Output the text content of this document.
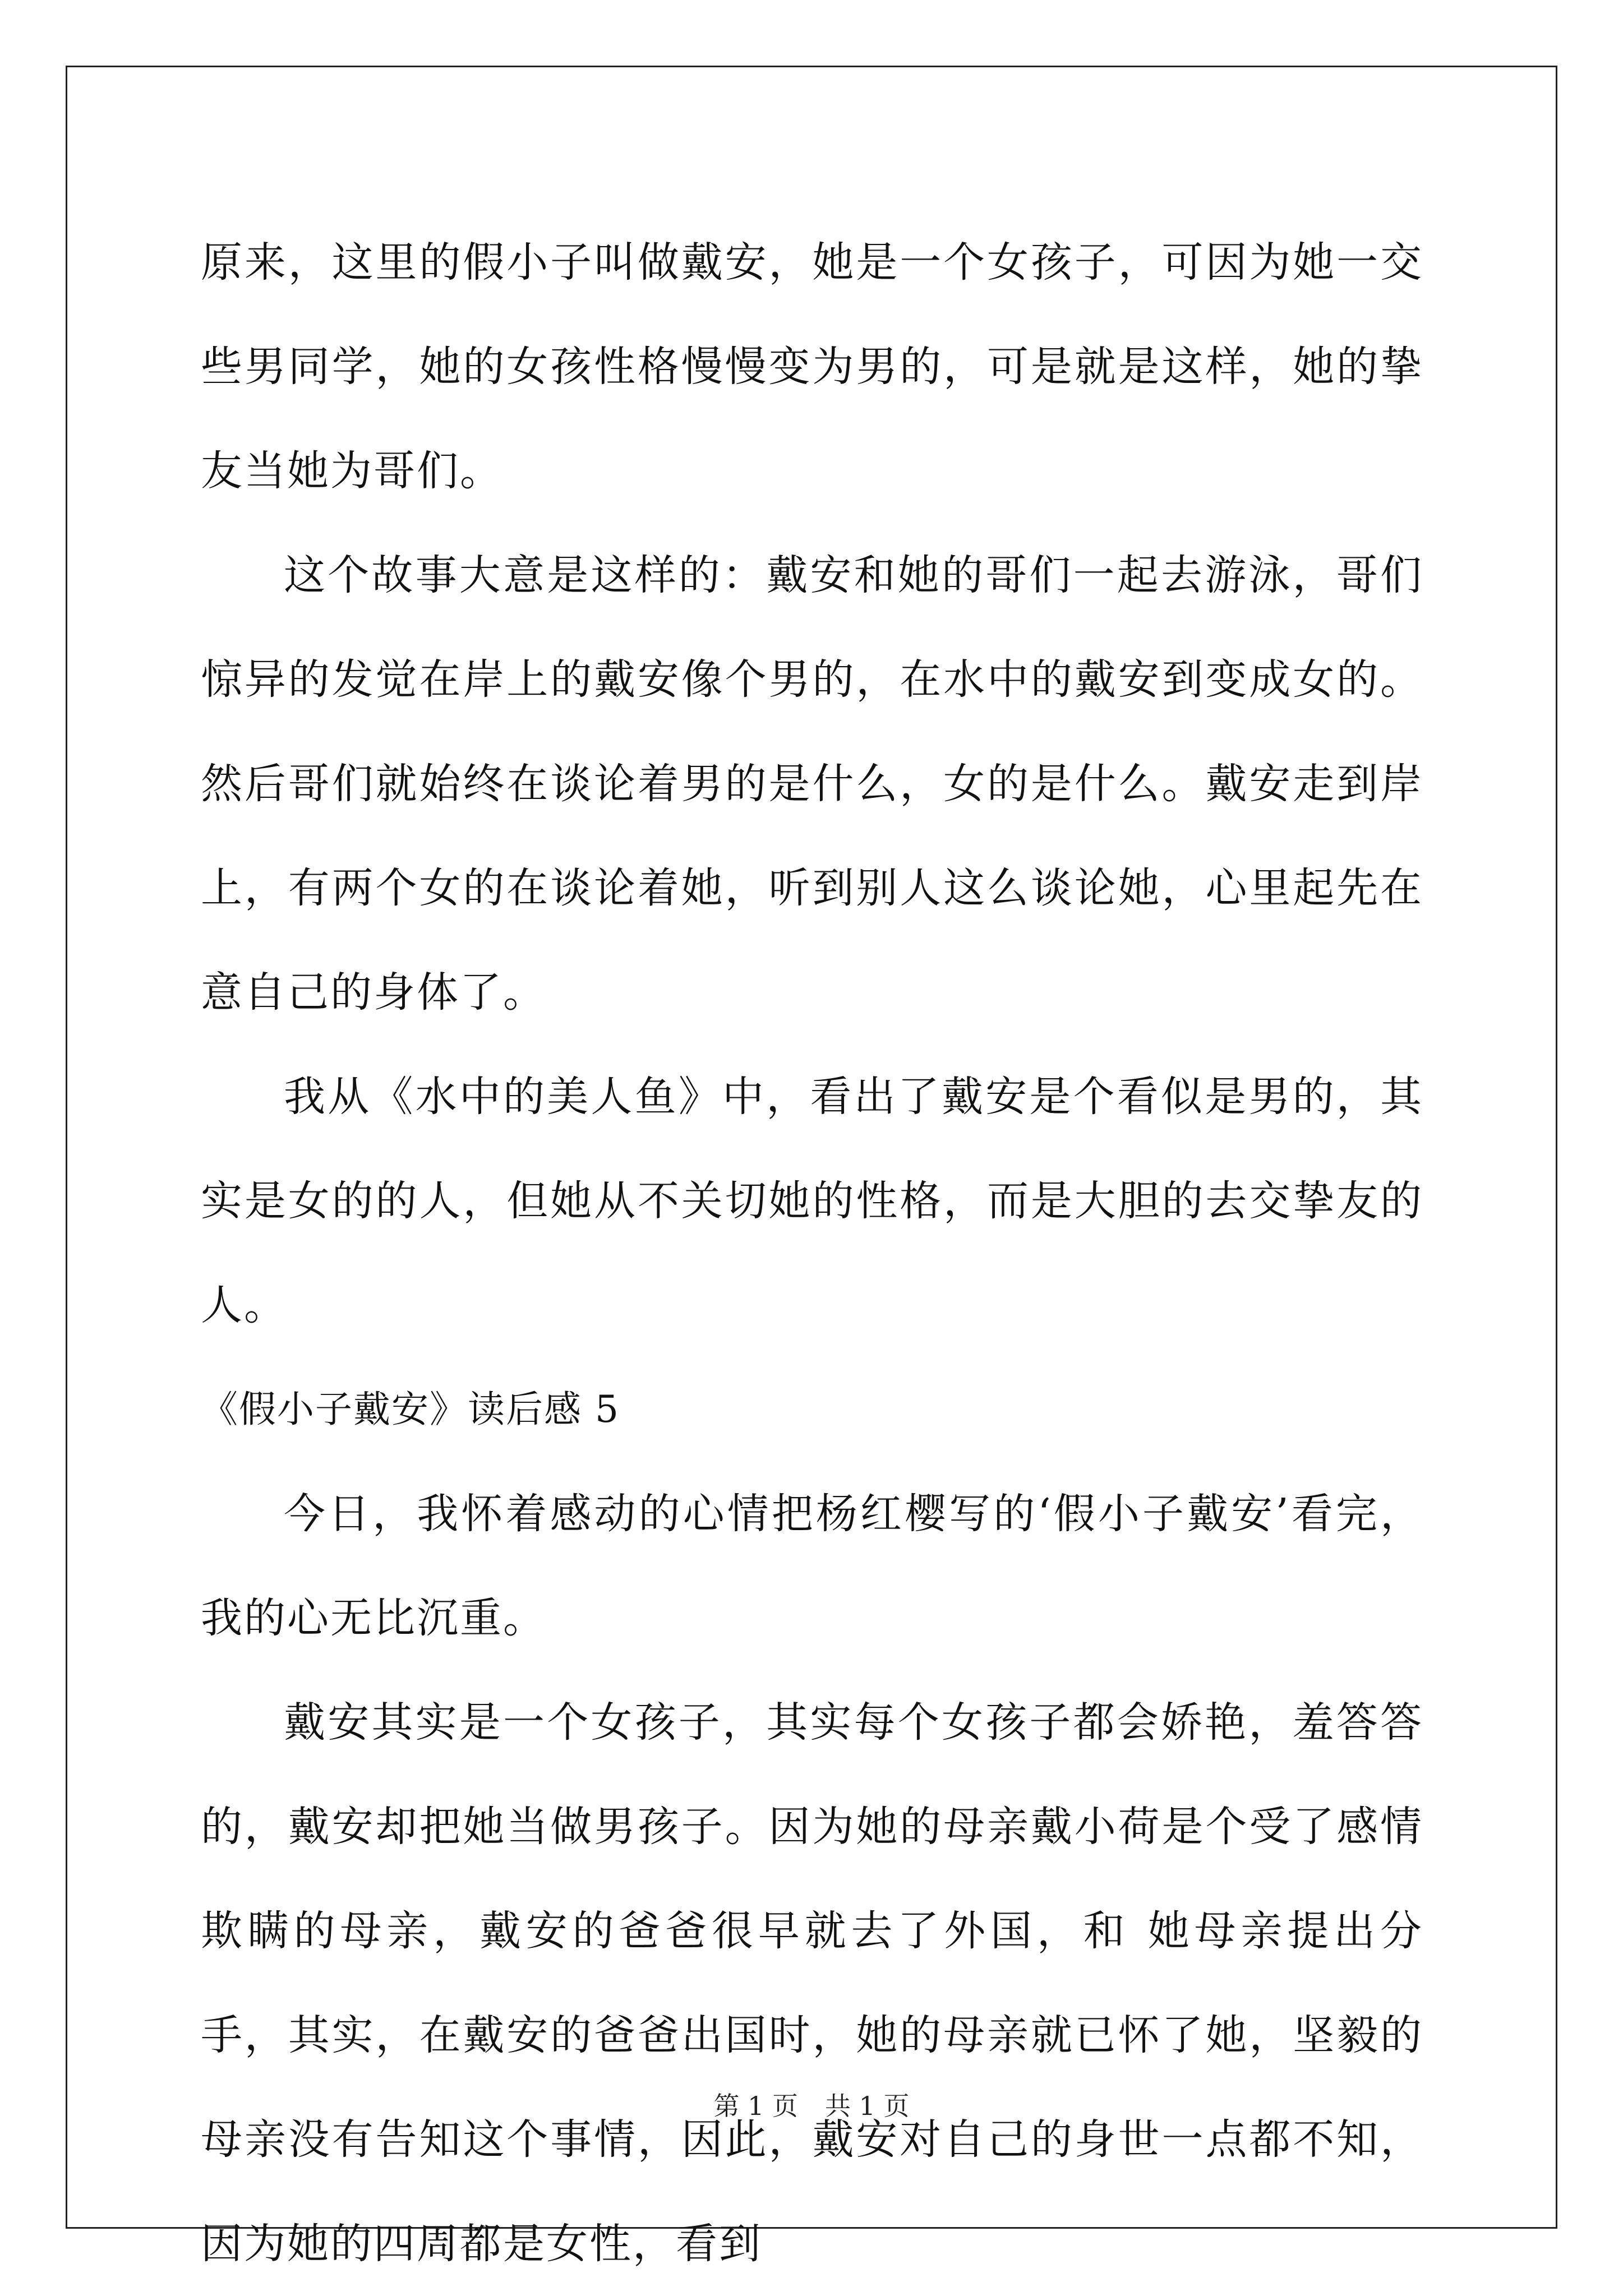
原来，这里的假小子叫做戴安，她是一个女孩子，可因为她一交些男同学，她的女孩性格慢慢变为男的，可是就是这样，她的挚友当她为哥们。

这个故事大意是这样的：戴安和她的哥们一起去游泳，哥们惊异的发觉在岸上的戴安像个男的，在水中的戴安到变成女的。然后哥们就始终在谈论着男的是什么，女的是什么。戴安走到岸上，有两个女的在谈论着她，听到别人这么谈论她，心里起先在意自己的身体了。

我从《水中的美人鱼》中，看出了戴安是个看似是男的，其实是女的的人，但她从不关切她的性格，而是大胆的去交挚友的人。

《假小子戴安》读后感 5

今日，我怀着感动的心情把杨红樱写的‘假小子戴安’看完，我的心无比沉重。

戴安其实是一个女孩子，其实每个女孩子都会娇艳，羞答答的，戴安却把她当做男孩子。因为她的母亲戴小荷是个受了感情欺瞒的母亲，戴安的爸爸很早就去了外国，和 她母亲提出分手，其实，在戴安的爸爸出国时，她的母亲就已怀了她，坚毅的母亲没有告知这个事情，因此，戴安对自己的身世一点都不知，因为她的四周都是女性，看到

第 1 页 共 1 页
